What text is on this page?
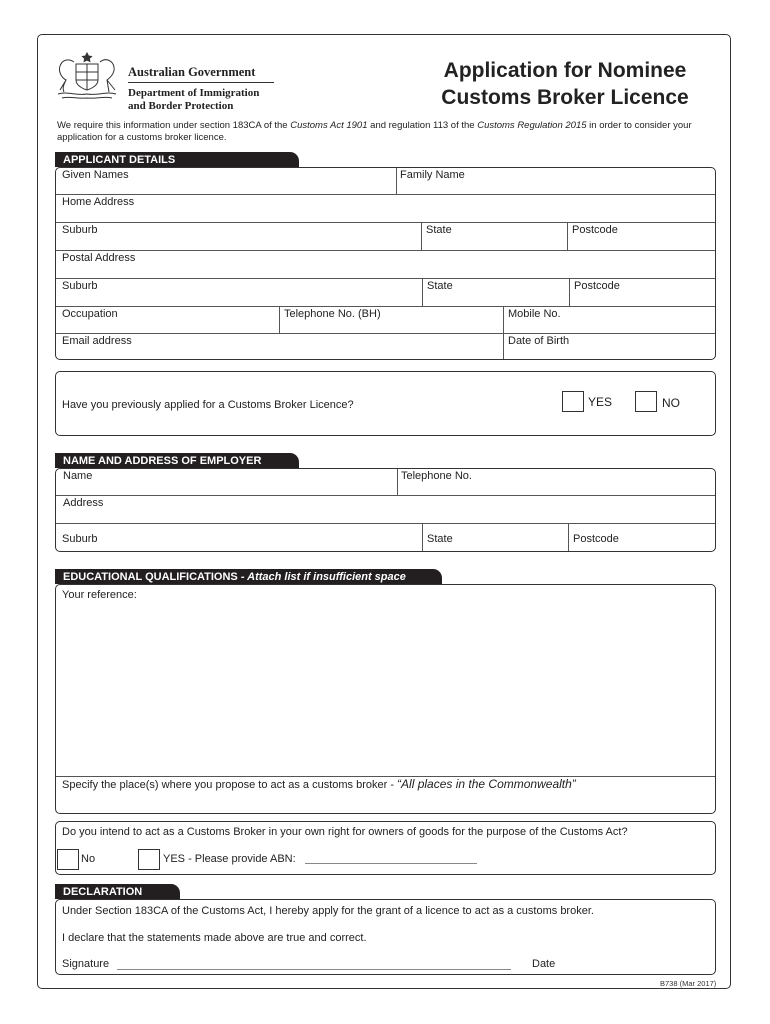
Australian Government
Department of Immigration
and Border Protection
Application for Nominee
Customs Broker Licence
We require this information under section 183CA of the Customs Act 1901 and regulation 113 of the Customs Regulation 2015 in order to consider your application for a customs broker licence.
APPLICANT DETAILS
Given Names	Family Name
Home Address
Suburb	State	Postcode
Postal Address
Suburb	State	Postcode
Occupation	Telephone No. (BH)	Mobile No.
Email address	Date of Birth
Have you previously applied for a Customs Broker Licence?	YES	NO
NAME AND ADDRESS OF EMPLOYER
Name	Telephone No.
Address
Suburb	State	Postcode
EDUCATIONAL QUALIFICATIONS - Attach list if insufficient space
Your reference:
Specify the place(s) where you propose to act as a customs broker - “All places in the Commonwealth”
Do you intend to act as a Customs Broker in your own right for owners of goods for the purpose of the Customs Act?
No	YES - Please provide ABN:
DECLARATION
Under Section 183CA of the Customs Act, I hereby apply for the grant of a licence to act as a customs broker.
I declare that the statements made above are true and correct.
Signature	Date
B738 (Mar 2017)
